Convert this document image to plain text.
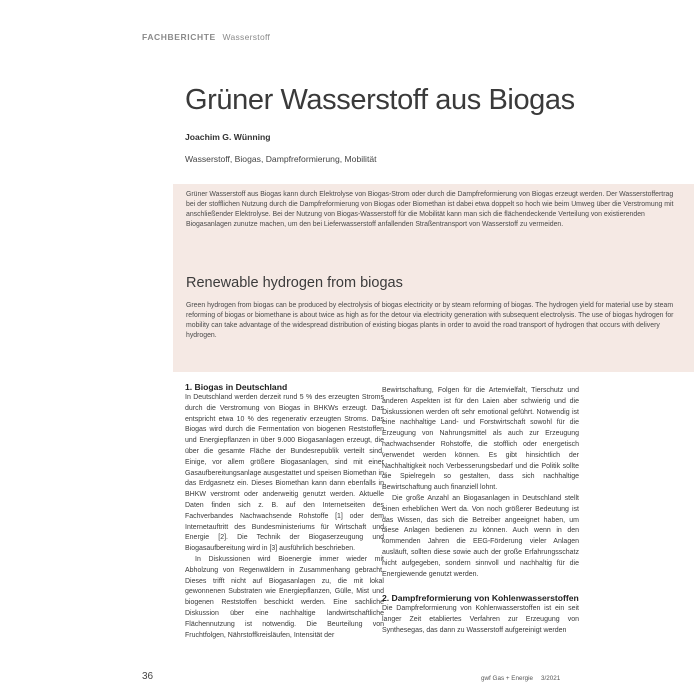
FACHBERICHTE Wasserstoff
Grüner Wasserstoff aus Biogas
Joachim G. Wünning
Wasserstoff, Biogas, Dampfreformierung, Mobilität

Grüner Wasserstoff aus Biogas kann durch Elektrolyse von Biogas-Strom oder durch die Dampfreformierung von Biogas erzeugt werden. Der Wasserstoffertrag bei der stofflichen Nutzung durch die Dampfreformierung von Biogas oder Biomethan ist dabei etwa doppelt so hoch wie beim Umweg über die Verstromung mit anschließender Elektrolyse. Bei der Nutzung von Biogas-Wasserstoff für die Mobilität kann man sich die flächendeckende Verteilung von existierenden Biogasanlagen zunutze machen, um den bei Lieferwasserstoff anfallenden Straßentransport von Wasserstoff zu vermeiden.

Renewable hydrogen from biogas

Green hydrogen from biogas can be produced by electrolysis of biogas electricity or by steam reforming of biogas. The hydrogen yield for material use by steam reforming of biogas or biomethane is about twice as high as for the detour via electricity generation with subsequent electrolysis. The use of biogas hydrogen for mobility can take advantage of the widespread distribution of existing biogas plants in order to avoid the road transport of hydrogen that occurs with delivery hydrogen.

1. Biogas in Deutschland

In Deutschland werden derzeit rund 5 % des erzeugten Stroms durch die Verstromung von Biogas in BHKWs erzeugt. Das entspricht etwa 10 % des regenerativ erzeugten Stroms. Das Biogas wird durch die Fermentation von biogenen Reststoffen und Energiepflanzen in über 9.000 Biogasanlagen erzeugt, die über die gesamte Fläche der Bundesrepublik verteilt sind. Einige, vor allem größere Biogasanlagen, sind mit einer Gasaufbereitungsanlage ausgestattet und speisen Biomethan in das Erdgasnetz ein. Dieses Biomethan kann dann ebenfalls in BHKW verstromt oder anderweitig genutzt werden. Aktuelle Daten finden sich z. B. auf den Internetseiten des Fachverbandes Nachwachsende Rohstoffe [1] oder dem Internetauftritt des Bundesministeriums für Wirtschaft und Energie [2]. Die Technik der Biogaserzeugung und Biogasaufbereitung wird in [3] ausführlich beschrieben.

In Diskussionen wird Bioenergie immer wieder mit Abholzung von Regenwäldern in Zusammenhang gebracht. Dieses trifft nicht auf Biogasanlagen zu, die mit lokal gewonnenen Substraten wie Energiepflanzen, Gülle, Mist und biogenen Reststoffen beschickt werden. Eine sachliche Diskussion über eine nachhaltige landwirtschaftliche Flächennutzung ist notwendig. Die Beurteilung von Fruchtfolgen, Nährstoffkreisläufen, Intensität der

Bewirtschaftung, Folgen für die Artenvielfalt, Tierschutz und anderen Aspekten ist für den Laien aber schwierig und die Diskussionen werden oft sehr emotional geführt. Notwendig ist eine nachhaltige Land- und Forstwirtschaft sowohl für die Erzeugung von Nahrungsmittel als auch zur Erzeugung nachwachsender Rohstoffe, die stofflich oder energetisch verwendet werden können. Es gibt hinsichtlich der Nachhaltigkeit noch Verbesserungsbedarf und die Politik sollte die Spielregeln so gestalten, dass sich nachhaltige Bewirtschaftung auch finanziell lohnt.

Die große Anzahl an Biogasanlagen in Deutschland stellt einen erheblichen Wert da. Von noch größerer Bedeutung ist das Wissen, das sich die Betreiber angeeignet haben, um diese Anlagen bedienen zu können. Auch wenn in den kommenden Jahren die EEG-Förderung vieler Anlagen ausläuft, sollten diese sowie auch der große Erfahrungsschatz nicht aufgegeben, sondern sinnvoll und nachhaltig für die Energiewende genutzt werden.

2. Dampfreformierung von Kohlenwasserstoffen

Die Dampfreformierung von Kohlenwasserstoffen ist ein seit langer Zeit etabliertes Verfahren zur Erzeugung von Synthesegas, das dann zu Wasserstoff aufgereinigt werden

36	gwf Gas + Energie 3/2021
